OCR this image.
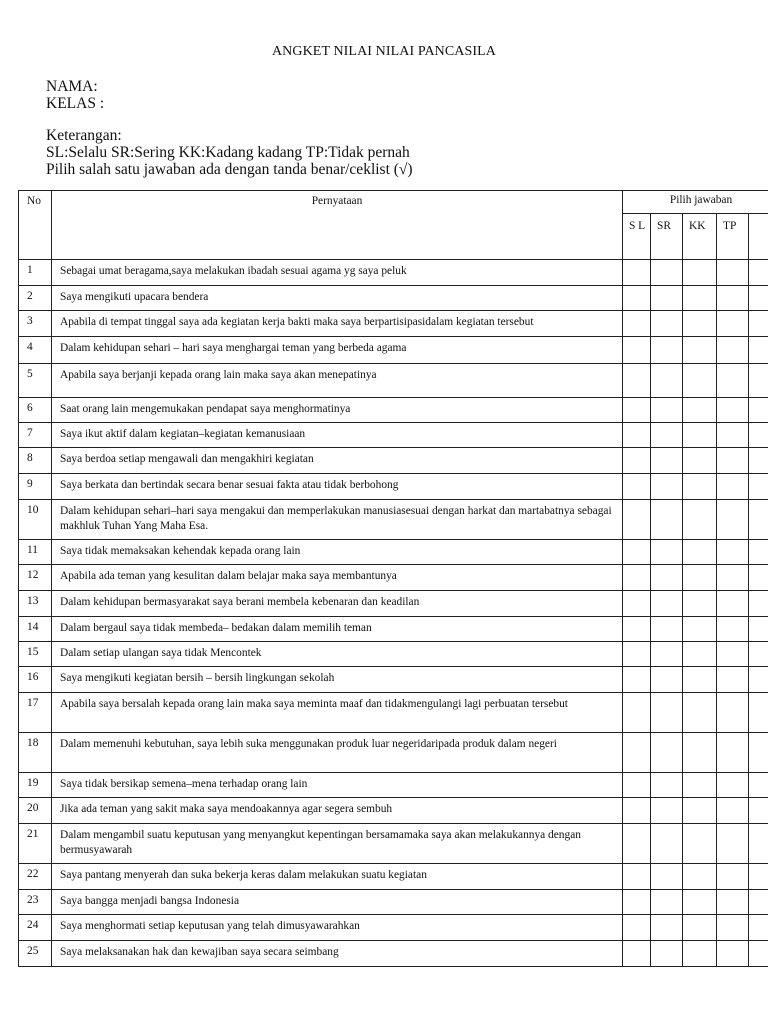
ANGKET NILAI NILAI PANCASILA
NAMA:
KELAS :
Keterangan:
SL:Selalu SR:Sering KK:Kadang kadang TP:Tidak pernah
Pilih salah satu jawaban ada dengan tanda benar/ceklist (√)
No	Pernyataan	Pilih jawaban				
		S L	SR	KK	TP	
1	Sebagai umat beragama,saya melakukan ibadah sesuai agama yg saya peluk					
2	Saya mengikuti upacara bendera					
3	Apabila di tempat tinggal saya ada kegiatan kerja bakti maka saya berpartisipasidalam kegiatan tersebut					
4	Dalam kehidupan sehari – hari saya menghargai teman yang berbeda agama					
5	Apabila saya berjanji kepada orang lain maka saya akan menepatinya					
6	Saat orang lain mengemukakan pendapat saya menghormatinya					
7	Saya ikut aktif dalam kegiatan–kegiatan kemanusiaan					
8	Saya berdoa setiap mengawali dan mengakhiri kegiatan					
9	Saya berkata dan bertindak secara benar sesuai fakta atau tidak berbohong					
10	Dalam kehidupan sehari–hari saya mengakui dan memperlakukan manusiasesuai dengan harkat dan martabatnya sebagai makhluk Tuhan Yang Maha Esa.					
11	Saya tidak memaksakan kehendak kepada orang lain					
12	Apabila ada teman yang kesulitan dalam belajar maka saya membantunya					
13	Dalam kehidupan bermasyarakat saya berani membela kebenaran dan keadilan					
14	Dalam bergaul saya tidak membeda– bedakan dalam memilih teman					
15	Dalam setiap ulangan saya tidak Mencontek					
16	Saya mengikuti kegiatan bersih – bersih lingkungan sekolah					
17	Apabila saya bersalah kepada orang lain maka saya meminta maaf dan tidakmengulangi lagi perbuatan tersebut					
18	Dalam memenuhi kebutuhan, saya lebih suka menggunakan produk luar negeridaripada produk dalam negeri					
19	Saya tidak bersikap semena–mena terhadap orang lain					
20	Jika ada teman yang sakit maka saya mendoakannya agar segera sembuh					
21	Dalam mengambil suatu keputusan yang menyangkut kepentingan bersamamaka saya akan melakukannya dengan bermusyawarah					
22	Saya pantang menyerah dan suka bekerja keras dalam melakukan suatu kegiatan					
23	Saya bangga menjadi bangsa Indonesia					
24	Saya menghormati setiap keputusan yang telah dimusyawarahkan					
25	Saya melaksanakan hak dan kewajiban saya secara seimbang					
